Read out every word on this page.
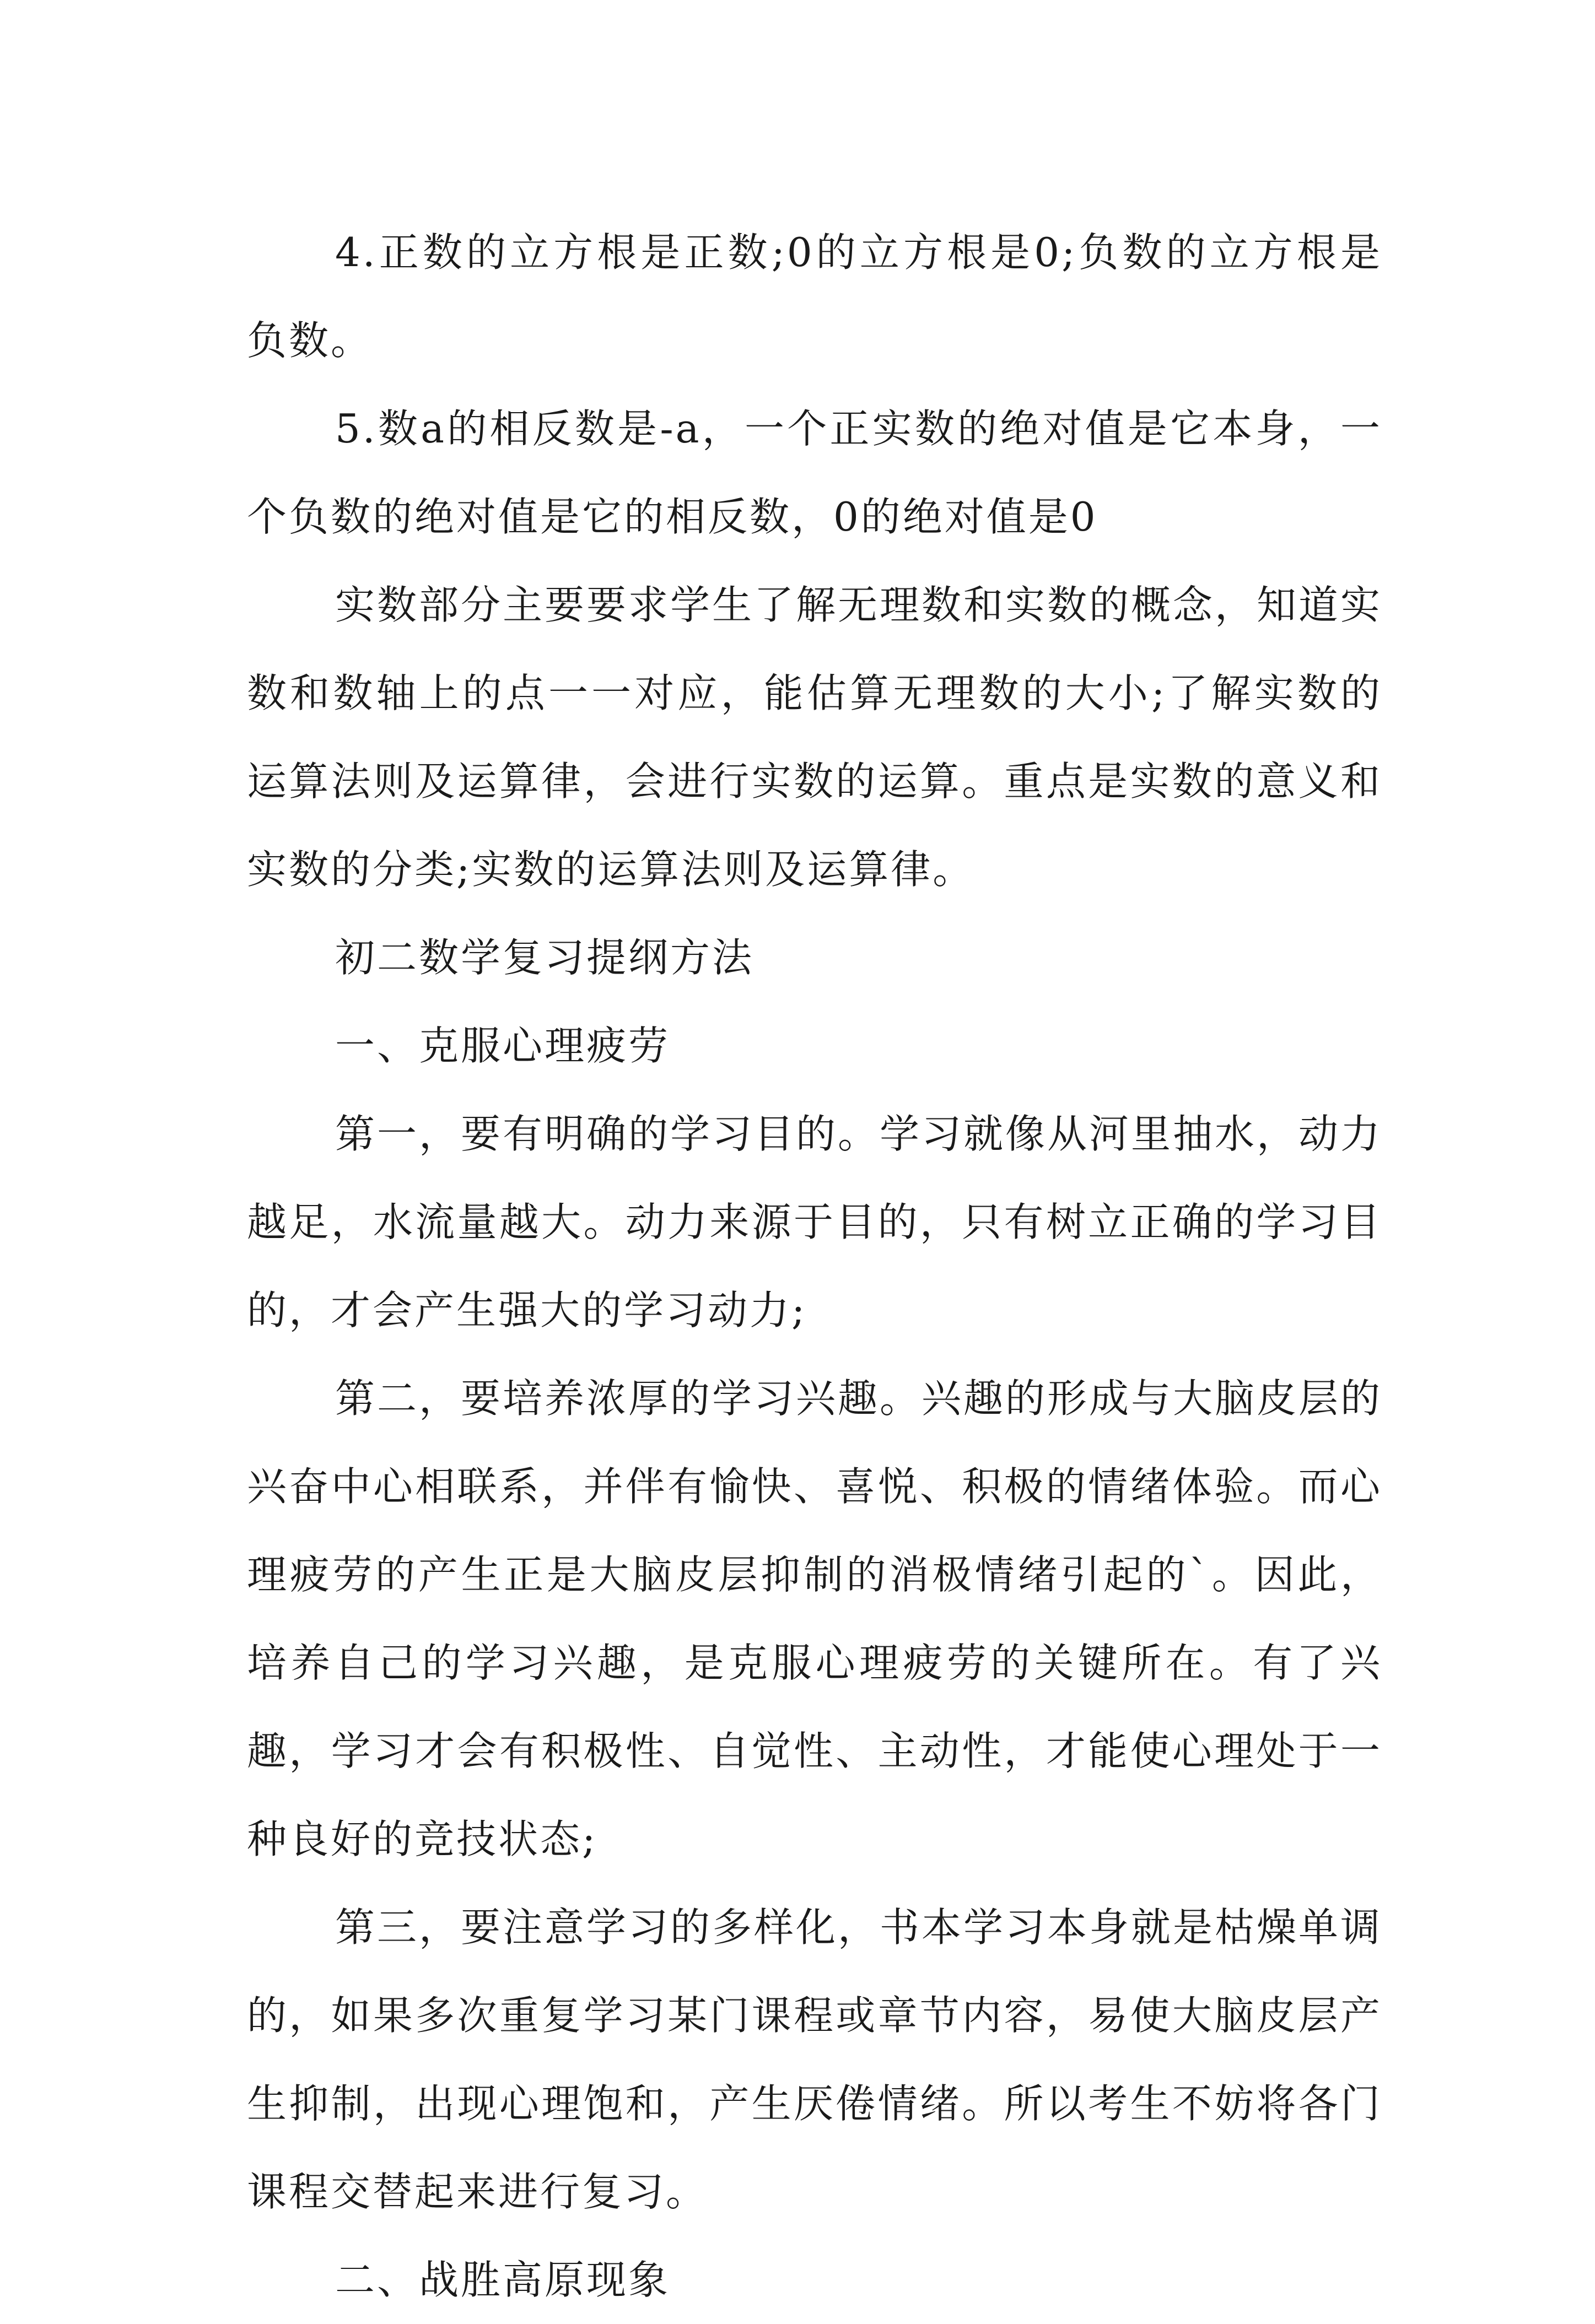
4.正数的立方根是正数;0的立方根是0;负数的立方根是负数。

5.数a的相反数是-a，一个正实数的绝对值是它本身，一个负数的绝对值是它的相反数，0的绝对值是0

实数部分主要要求学生了解无理数和实数的概念，知道实数和数轴上的点一一对应，能估算无理数的大小;了解实数的运算法则及运算律，会进行实数的运算。重点是实数的意义和实数的分类;实数的运算法则及运算律。

初二数学复习提纲方法

一、克服心理疲劳

第一，要有明确的学习目的。学习就像从河里抽水，动力越足，水流量越大。动力来源于目的，只有树立正确的学习目的，才会产生强大的学习动力;

第二，要培养浓厚的学习兴趣。兴趣的形成与大脑皮层的兴奋中心相联系，并伴有愉快、喜悦、积极的情绪体验。而心理疲劳的产生正是大脑皮层抑制的消极情绪引起的`。因此，培养自己的学习兴趣，是克服心理疲劳的关键所在。有了兴趣，学习才会有积极性、自觉性、主动性，才能使心理处于一种良好的竞技状态;

第三，要注意学习的多样化，书本学习本身就是枯燥单调的，如果多次重复学习某门课程或章节内容，易使大脑皮层产生抑制，出现心理饱和，产生厌倦情绪。所以考生不妨将各门课程交替起来进行复习。

二、战胜高原现象
